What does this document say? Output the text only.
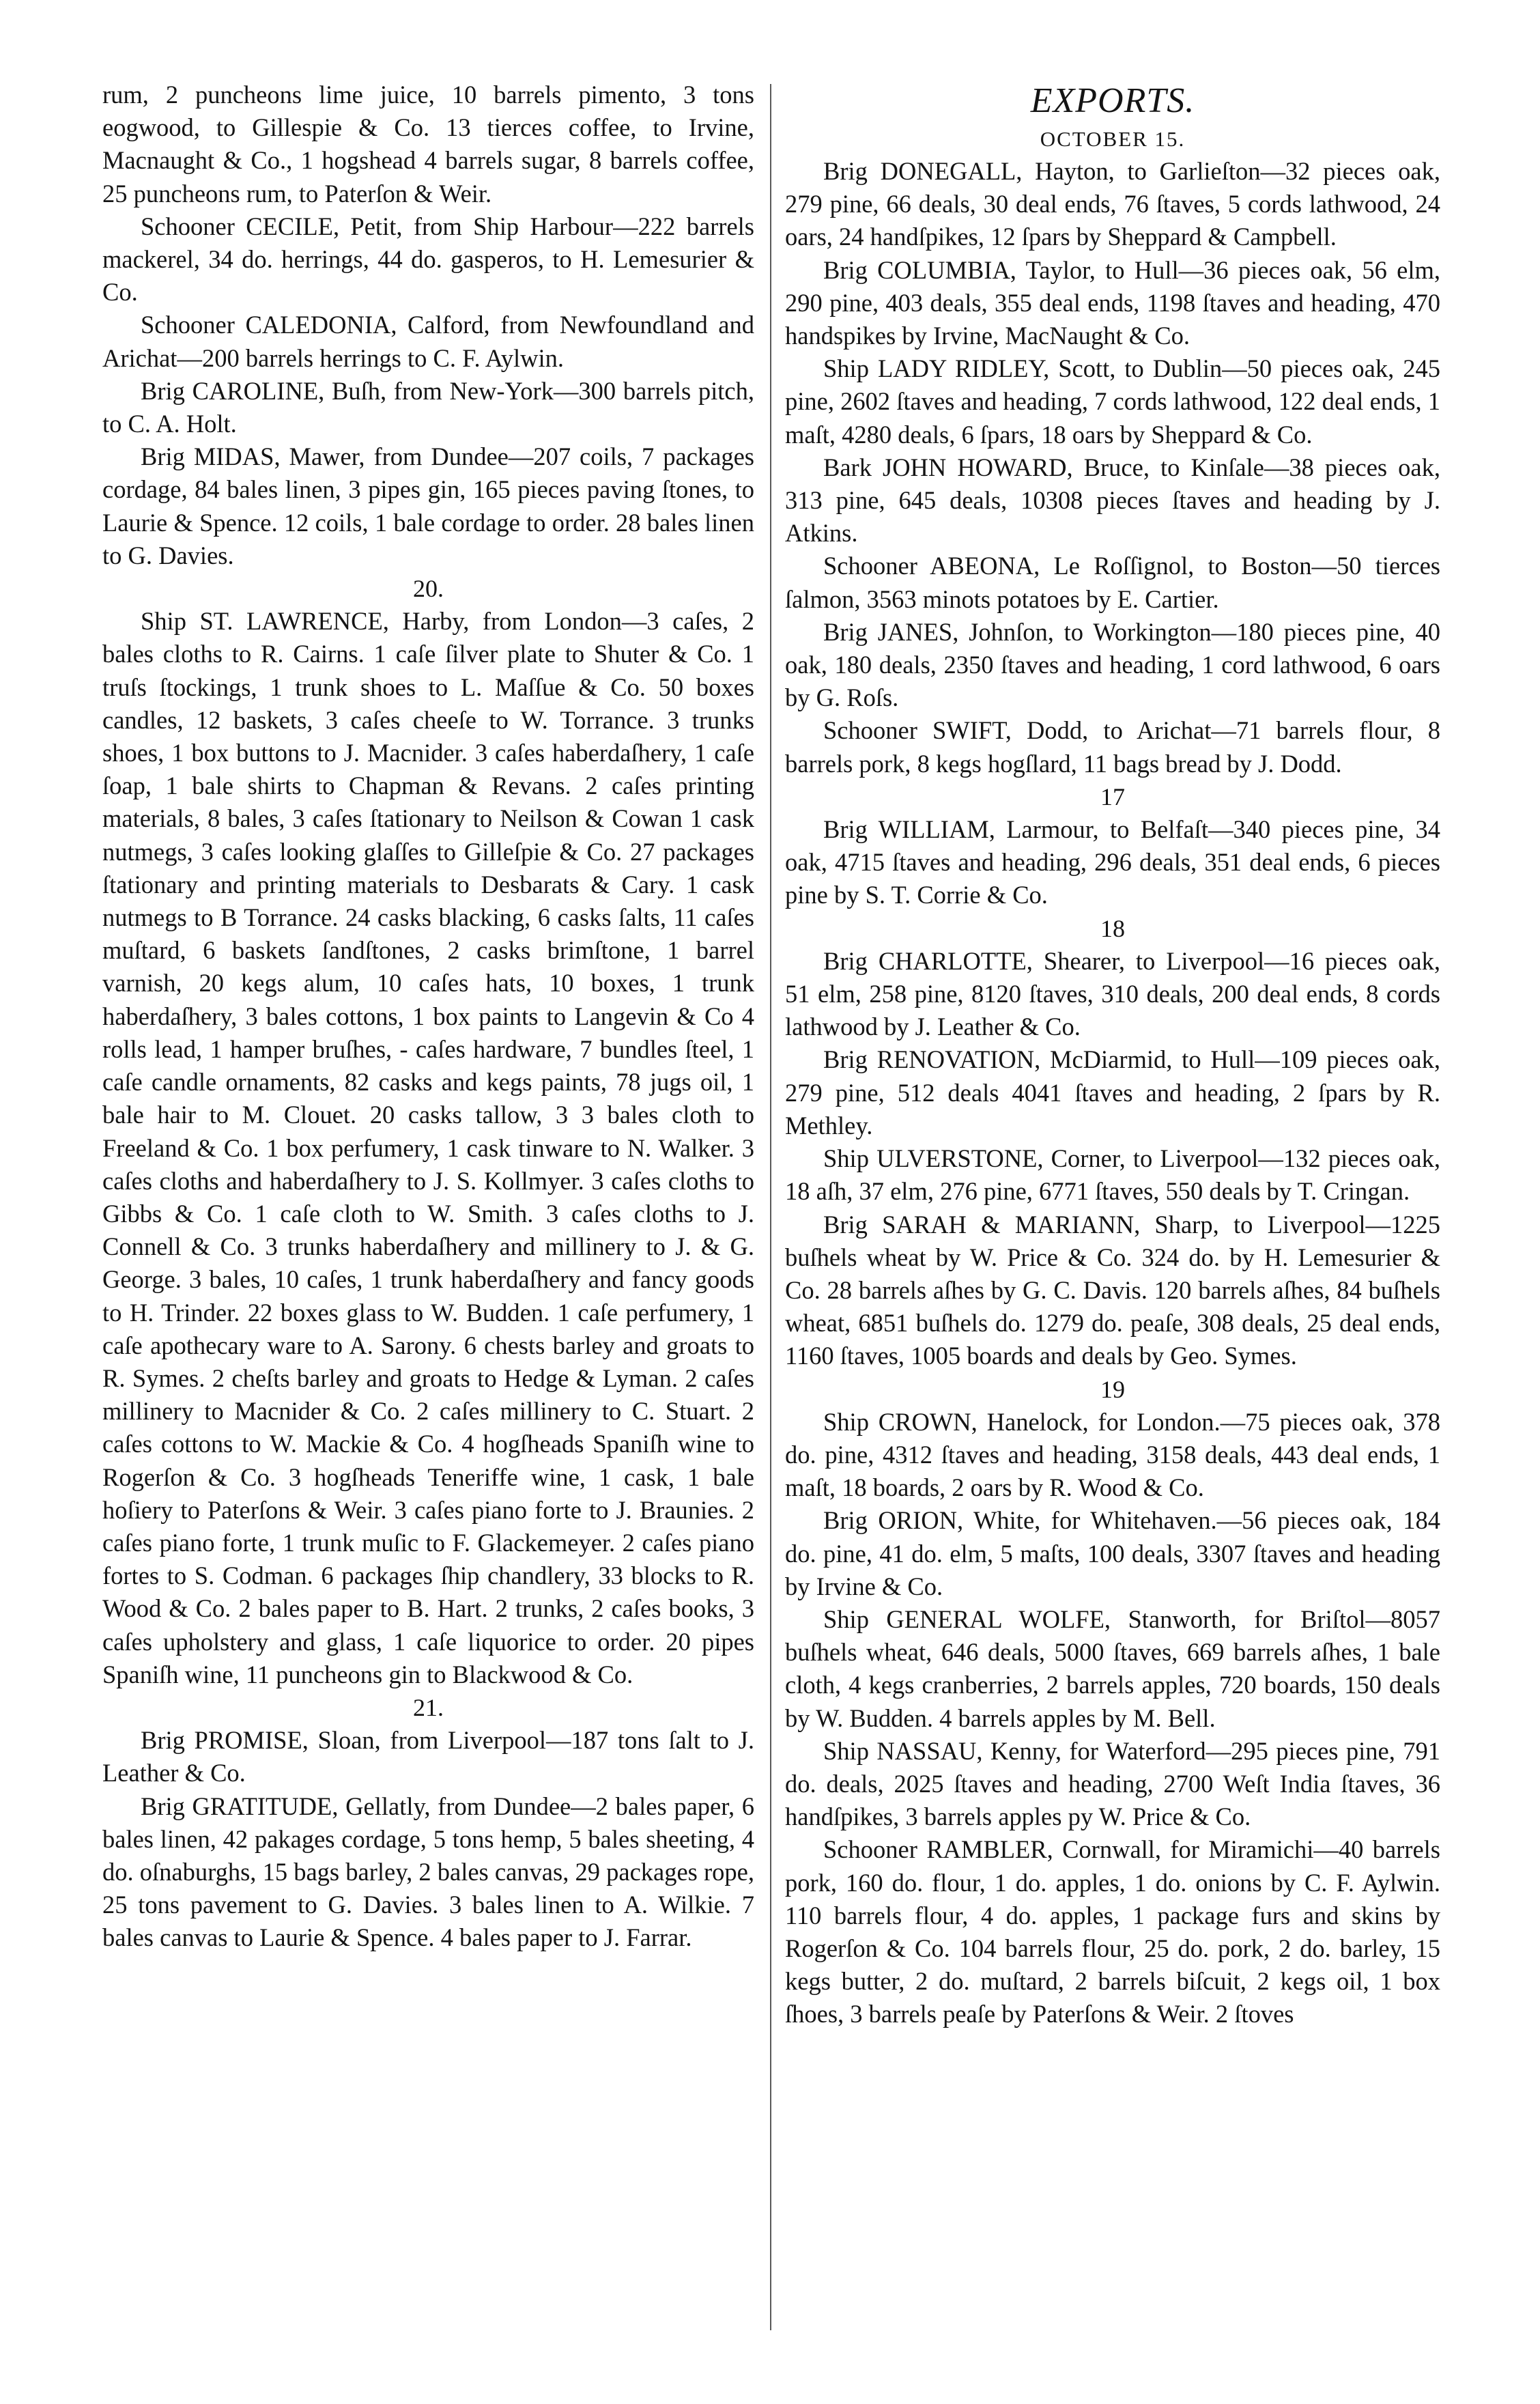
rum, 2 puncheons lime juice, 10 barrels pimento, 3 tons eogwood, to Gillespie & Co. 13 tierces coffee, to Irvine, Macnaught & Co., 1 hogshead 4 barrels sugar, 8 barrels coffee, 25 puncheons rum, to Paterſon & Weir.

Schooner CECILE, Petit, from Ship Harbour—222 barrels mackerel, 34 do. herrings, 44 do. gasperos, to H. Lemesurier & Co.

Schooner CALEDONIA, Calford, from Newfoundland and Arichat—200 barrels herrings to C. F. Aylwin.

Brig CAROLINE, Buſh, from New-York—300 barrels pitch, to C. A. Holt.

Brig MIDAS, Mawer, from Dundee—207 coils, 7 packages cordage, 84 bales linen, 3 pipes gin, 165 pieces paving ſtones, to Laurie & Spence. 12 coils, 1 bale cordage to order. 28 bales linen to G. Davies.

20.

Ship ST. LAWRENCE, Harby, from London—3 caſes, 2 bales cloths to R. Cairns. 1 caſe ſilver plate to Shuter & Co. 1 truſs ſtockings, 1 trunk shoes to L. Maſſue & Co. 50 boxes candles, 12 baskets, 3 caſes cheeſe to W. Torrance. 3 trunks shoes, 1 box buttons to J. Macnider. 3 caſes haberdaſhery, 1 caſe ſoap, 1 bale shirts to Chapman & Revans. 2 caſes printing materials, 8 bales, 3 caſes ſtationary to Neilson & Cowan 1 cask nutmegs, 3 caſes looking glaſſes to Gilleſpie & Co. 27 packages ſtationary and printing materials to Desbarats & Cary. 1 cask nutmegs to B Torrance. 24 casks blacking, 6 casks ſalts, 11 caſes muſtard, 6 baskets ſandſtones, 2 casks brimſtone, 1 barrel varnish, 20 kegs alum, 10 caſes hats, 10 boxes, 1 trunk haberdaſhery, 3 bales cottons, 1 box paints to Langevin & Co 4 rolls lead, 1 hamper bruſhes, - caſes hardware, 7 bundles ſteel, 1 caſe candle ornaments, 82 casks and kegs paints, 78 jugs oil, 1 bale hair to M. Clouet. 20 casks tallow, 3 3 bales cloth to Freeland & Co. 1 box perfumery, 1 cask tinware to N. Walker. 3 caſes cloths and haberdaſhery to J. S. Kollmyer. 3 caſes cloths to Gibbs & Co. 1 caſe cloth to W. Smith. 3 caſes cloths to J. Connell & Co. 3 trunks haberdaſhery and millinery to J. & G. George. 3 bales, 10 caſes, 1 trunk haberdaſhery and fancy goods to H. Trinder. 22 boxes glass to W. Budden. 1 caſe perfumery, 1 caſe apothecary ware to A. Sarony. 6 chests barley and groats to R. Symes. 2 cheſts barley and groats to Hedge & Lyman. 2 caſes millinery to Macnider & Co. 2 caſes millinery to C. Stuart. 2 caſes cottons to W. Mackie & Co. 4 hogſheads Spaniſh wine to Rogerſon & Co. 3 hogſheads Teneriffe wine, 1 cask, 1 bale hoſiery to Paterſons & Weir. 3 caſes piano forte to J. Braunies. 2 caſes piano forte, 1 trunk muſic to F. Glackemeyer. 2 caſes piano fortes to S. Codman. 6 packages ſhip chandlery, 33 blocks to R. Wood & Co. 2 bales paper to B. Hart. 2 trunks, 2 caſes books, 3 caſes upholstery and glass, 1 caſe liquorice to order. 20 pipes Spaniſh wine, 11 puncheons gin to Blackwood & Co.

21.

Brig PROMISE, Sloan, from Liverpool—187 tons ſalt to J. Leather & Co.

Brig GRATITUDE, Gellatly, from Dundee—2 bales paper, 6 bales linen, 42 pakages cordage, 5 tons hemp, 5 bales sheeting, 4 do. oſnaburghs, 15 bags barley, 2 bales canvas, 29 packages rope, 25 tons pavement to G. Davies. 3 bales linen to A. Wilkie. 7 bales canvas to Laurie & Spence. 4 bales paper to J. Farrar.

EXPORTS.

OCTOBER 15.

Brig DONEGALL, Hayton, to Garlieſton—32 pieces oak, 279 pine, 66 deals, 30 deal ends, 76 ſtaves, 5 cords lathwood, 24 oars, 24 handſpikes, 12 ſpars by Sheppard & Campbell.

Brig COLUMBIA, Taylor, to Hull—36 pieces oak, 56 elm, 290 pine, 403 deals, 355 deal ends, 1198 ſtaves and heading, 470 handspikes by Irvine, MacNaught & Co.

Ship LADY RIDLEY, Scott, to Dublin—50 pieces oak, 245 pine, 2602 ſtaves and heading, 7 cords lathwood, 122 deal ends, 1 maſt, 4280 deals, 6 ſpars, 18 oars by Sheppard & Co.

Bark JOHN HOWARD, Bruce, to Kinſale—38 pieces oak, 313 pine, 645 deals, 10308 pieces ſtaves and heading by J. Atkins.

Schooner ABEONA, Le Roſſignol, to Boston—50 tierces ſalmon, 3563 minots potatoes by E. Cartier.

Brig JANES, Johnſon, to Workington—180 pieces pine, 40 oak, 180 deals, 2350 ſtaves and heading, 1 cord lathwood, 6 oars by G. Roſs.

Schooner SWIFT, Dodd, to Arichat—71 barrels flour, 8 barrels pork, 8 kegs hogſlard, 11 bags bread by J. Dodd.

17

Brig WILLIAM, Larmour, to Belfaſt—340 pieces pine, 34 oak, 4715 ſtaves and heading, 296 deals, 351 deal ends, 6 pieces pine by S. T. Corrie & Co.

18

Brig CHARLOTTE, Shearer, to Liverpool—16 pieces oak, 51 elm, 258 pine, 8120 ſtaves, 310 deals, 200 deal ends, 8 cords lathwood by J. Leather & Co.

Brig RENOVATION, McDiarmid, to Hull—109 pieces oak, 279 pine, 512 deals 4041 ſtaves and heading, 2 ſpars by R. Methley.

Ship ULVERSTONE, Corner, to Liverpool—132 pieces oak, 18 aſh, 37 elm, 276 pine, 6771 ſtaves, 550 deals by T. Cringan.

Brig SARAH & MARIANN, Sharp, to Liverpool—1225 buſhels wheat by W. Price & Co. 324 do. by H. Lemesurier & Co. 28 barrels aſhes by G. C. Davis. 120 barrels aſhes, 84 buſhels wheat, 6851 buſhels do. 1279 do. peaſe, 308 deals, 25 deal ends, 1160 ſtaves, 1005 boards and deals by Geo. Symes.

19

Ship CROWN, Hanelock, for London.—75 pieces oak, 378 do. pine, 4312 ſtaves and heading, 3158 deals, 443 deal ends, 1 maſt, 18 boards, 2 oars by R. Wood & Co.

Brig ORION, White, for Whitehaven.—56 pieces oak, 184 do. pine, 41 do. elm, 5 maſts, 100 deals, 3307 ſtaves and heading by Irvine & Co.

Ship GENERAL WOLFE, Stanworth, for Briſtol—8057 buſhels wheat, 646 deals, 5000 ſtaves, 669 barrels aſhes, 1 bale cloth, 4 kegs cranberries, 2 barrels apples, 720 boards, 150 deals by W. Budden. 4 barrels apples by M. Bell.

Ship NASSAU, Kenny, for Waterford—295 pieces pine, 791 do. deals, 2025 ſtaves and heading, 2700 Weſt India ſtaves, 36 handſpikes, 3 barrels apples py W. Price & Co.

Schooner RAMBLER, Cornwall, for Miramichi—40 barrels pork, 160 do. flour, 1 do. apples, 1 do. onions by C. F. Aylwin. 110 barrels flour, 4 do. apples, 1 package furs and skins by Rogerſon & Co. 104 barrels flour, 25 do. pork, 2 do. barley, 15 kegs butter, 2 do. muſtard, 2 barrels biſcuit, 2 kegs oil, 1 box ſhoes, 3 barrels peaſe by Paterſons & Weir. 2 ſtoves
